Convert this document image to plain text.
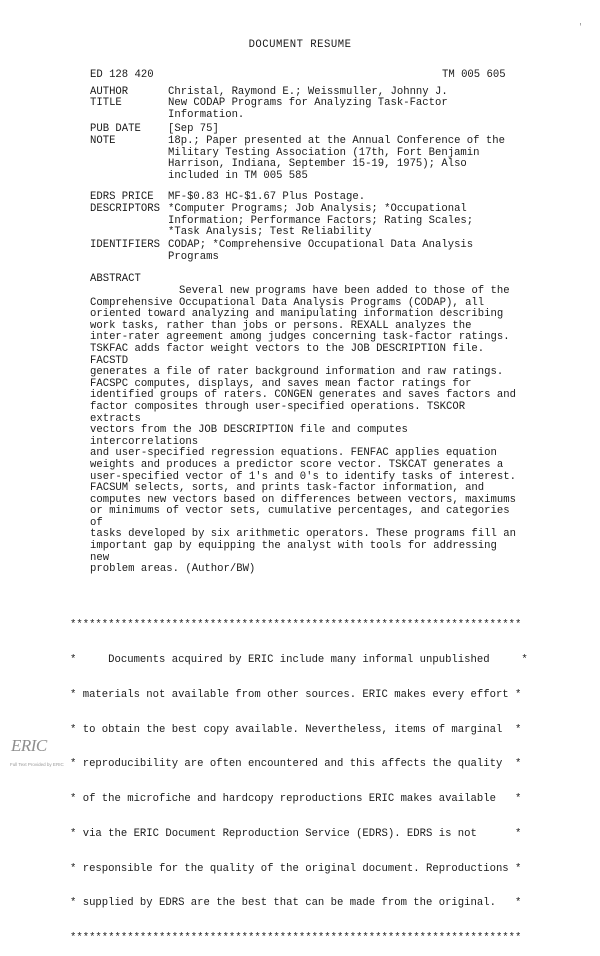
'
DOCUMENT RESUME
ED 128 420	TM 005 605
AUTHOR	Christal, Raymond E.; Weissmuller, Johnny J.
TITLE	New CODAP Programs for Analyzing Task-Factor
Information.
PUB DATE	[Sep 75]
NOTE	18p.; Paper presented at the Annual Conference of the
Military Testing Association (17th, Fort Benjamin
Harrison, Indiana, September 15-19, 1975); Also
included in TM 005 585
EDRS PRICE MF-$0.83 HC-$1.67 Plus Postage.
DESCRIPTORS *Computer Programs; Job Analysis; *Occupational
Information; Performance Factors; Rating Scales;
*Task Analysis; Test Reliability
IDENTIFIERS CODAP; *Comprehensive Occupational Data Analysis
Programs
ABSTRACT
Several new programs have been added to those of the
Comprehensive Occupational Data Analysis Programs (CODAP), all
oriented toward analyzing and manipulating information describing
work tasks, rather than jobs or persons. REXALL analyzes the
inter-rater agreement among judges concerning task-factor ratings.
TSKFAC adds factor weight vectors to the JOB DESCRIPTION file. FACSTD
generates a file of rater background information and raw ratings.
FACSPC computes, displays, and saves mean factor ratings for
identified groups of raters. CONGEN generates and saves factors and
factor composites through user-specified operations. TSKCOR extracts
vectors from the JOB DESCRIPTION file and computes intercorrelations
and user-specified regression equations. FENFAC applies equation
weights and produces a predictor score vector. TSKCAT generates a
user-specified vector of 1's and 0's to identify tasks of interest.
FACSUM selects, sorts, and prints task-factor information, and
computes new vectors based on differences between vectors, maximums
or minimums of vector sets, cumulative percentages, and categories of
tasks developed by six arithmetic operators. These programs fill an
important gap by equipping the analyst with tools for addressing new
problem areas. (Author/BW)

***********************************************************************

*     Documents acquired by ERIC include many informal unpublished     *

* materials not available from other sources. ERIC makes every effort *

* to obtain the best copy available. Nevertheless, items of marginal  *

* reproducibility are often encountered and this affects the quality  *

* of the microfiche and hardcopy reproductions ERIC makes available   *

* via the ERIC Document Reproduction Service (EDRS). EDRS is not      *

* responsible for the quality of the original document. Reproductions *

* supplied by EDRS are the best that can be made from the original.   *

***********************************************************************

ERIC
Full Text Provided by ERIC
